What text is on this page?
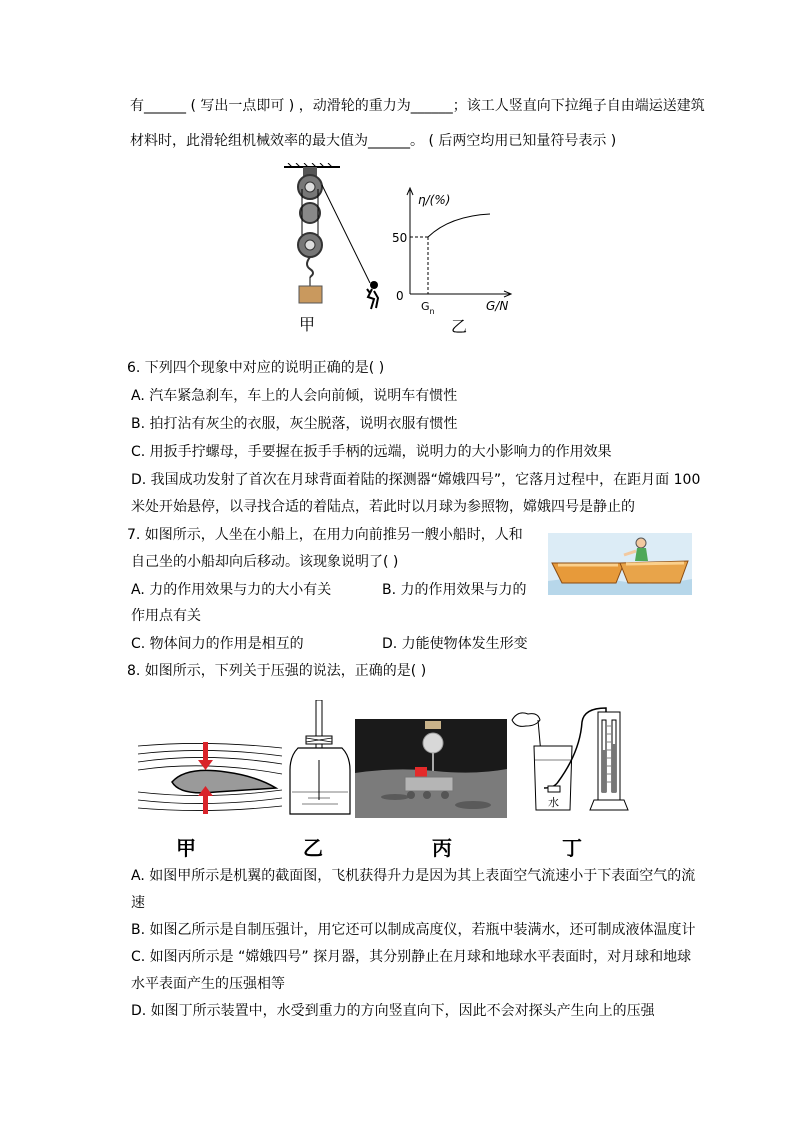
有______ ( 写出一点即可 ) ，动滑轮的重力为______；该工人竖直向下拉绳子自由端运送建筑
材料时，此滑轮组机械效率的最大值为______。 ( 后两空均用已知量符号表示 )
甲
η/(%)
50
0
G/N
$G_n$
乙
6. 下列四个现象中对应的说明正确的是( )
A. 汽车紧急刹车，车上的人会向前倾，说明车有惯性
B. 拍打沾有灰尘的衣服，灰尘脱落，说明衣服有惯性
C. 用扳手拧螺母，手要握在扳手手柄的远端，说明力的大小影响力的作用效果
D. 我国成功发射了首次在月球背面着陆的探测器“嫦娥四号”，它落月过程中，在距月面 100
米处开始悬停，以寻找合适的着陆点，若此时以月球为参照物，嫦娥四号是静止的
7. 如图所示，人坐在小船上，在用力向前推另一艘小船时，人和
自己坐的小船却向后移动。该现象说明了( )
A. 力的作用效果与力的大小有关	B. 力的作用效果与力的
作用点有关
C. 物体间力的作用是相互的	D. 力能使物体发生形变
8. 如图所示，下列关于压强的说法，正确的是( )
甲	乙	丙
水
丁
A. 如图甲所示是机翼的截面图，飞机获得升力是因为其上表面空气流速小于下表面空气的流
速
B. 如图乙所示是自制压强计，用它还可以制成高度仪，若瓶中装满水，还可制成液体温度计
C. 如图丙所示是 “嫦娥四号” 探月器，其分别静止在月球和地球水平表面时，对月球和地球
水平表面产生的压强相等
D. 如图丁所示装置中，水受到重力的方向竖直向下，因此不会对探头产生向上的压强
